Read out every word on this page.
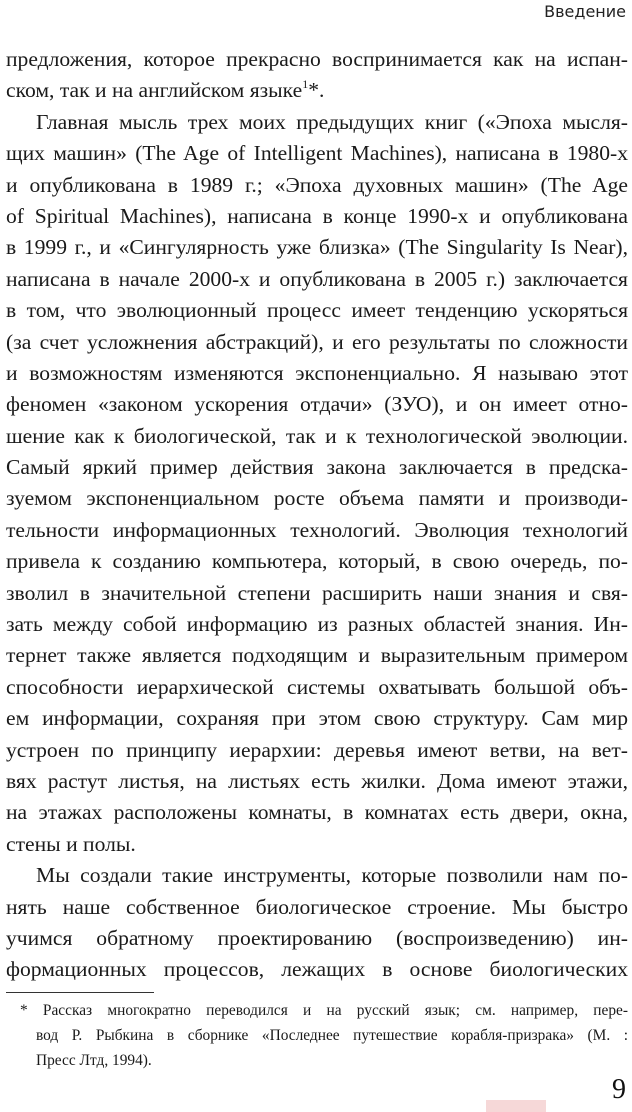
Введение
предложения, которое прекрасно воспринимается как на испан-
ском, так и на английском языке$^1$*.
Главная мысль трех моих предыдущих книг («Эпоха мысля-
щих машин» (The Age of Intelligent Machines), написана в 1980-х
и опубликована в 1989 г.; «Эпоха духовных машин» (The Age
of Spiritual Machines), написана в конце 1990-х и опубликована
в 1999 г., и «Сингулярность уже близка» (The Singularity Is Near),
написана в начале 2000-х и опубликована в 2005 г.) заключается
в том, что эволюционный процесс имеет тенденцию ускоряться
(за счет усложнения абстракций), и его результаты по сложности
и возможностям изменяются экспоненциально. Я называю этот
феномен «законом ускорения отдачи» (ЗУО), и он имеет отно-
шение как к биологической, так и к технологической эволюции.
Самый яркий пример действия закона заключается в предска-
зуемом экспоненциальном росте объема памяти и производи-
тельности информационных технологий. Эволюция технологий
привела к созданию компьютера, который, в свою очередь, по-
зволил в значительной степени расширить наши знания и свя-
зать между собой информацию из разных областей знания. Ин-
тернет также является подходящим и выразительным примером
способности иерархической системы охватывать большой объ-
ем информации, сохраняя при этом свою структуру. Сам мир
устроен по принципу иерархии: деревья имеют ветви, на вет-
вях растут листья, на листьях есть жилки. Дома имеют этажи,
на этажах расположены комнаты, в комнатах есть двери, окна,
стены и полы.
Мы создали такие инструменты, которые позволили нам по-
нять наше собственное биологическое строение. Мы быстро
учимся обратному проектированию (воспроизведению) ин-
формационных процессов, лежащих в основе биологических
* Рассказ многократно переводился и на русский язык; см. например, пере-
вод Р. Рыбкина в сборнике «Последнее путешествие корабля-призрака» (М. :
Пресс Лтд, 1994).
9
